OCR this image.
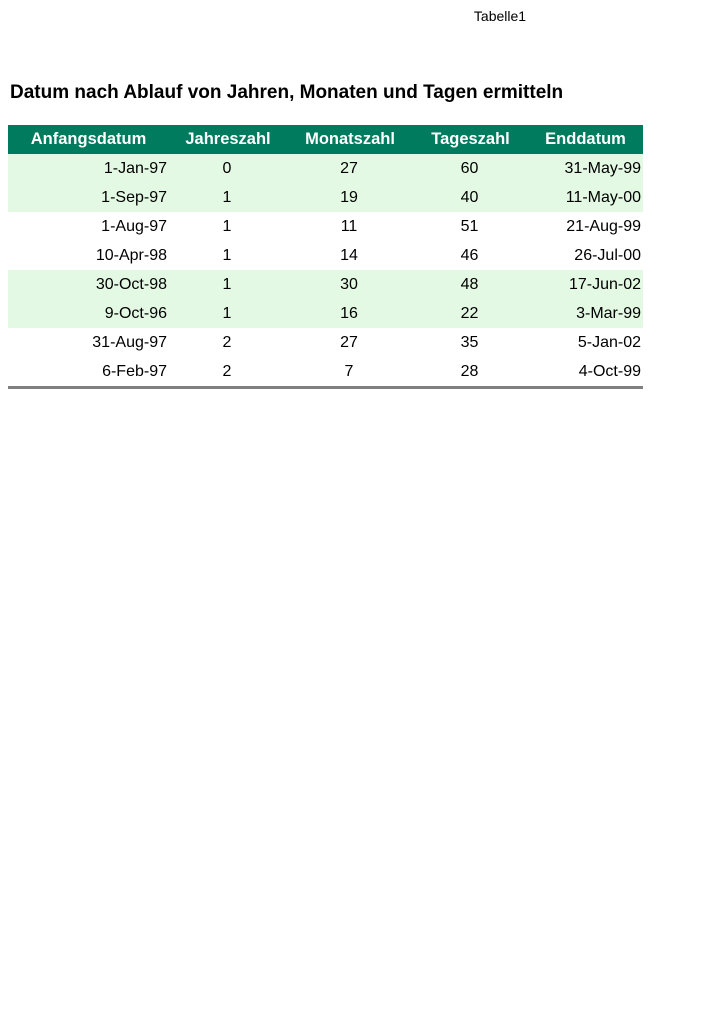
Tabelle1
Datum nach Ablauf von Jahren, Monaten und Tagen ermitteln
Anfangsdatum	Jahreszahl	Monatszahl	Tageszahl	Enddatum
1-Jan-97	0	27	60	31-May-99
1-Sep-97	1	19	40	11-May-00
1-Aug-97	1	11	51	21-Aug-99
10-Apr-98	1	14	46	26-Jul-00
30-Oct-98	1	30	48	17-Jun-02
9-Oct-96	1	16	22	3-Mar-99
31-Aug-97	2	27	35	5-Jan-02
6-Feb-97	2	7	28	4-Oct-99
